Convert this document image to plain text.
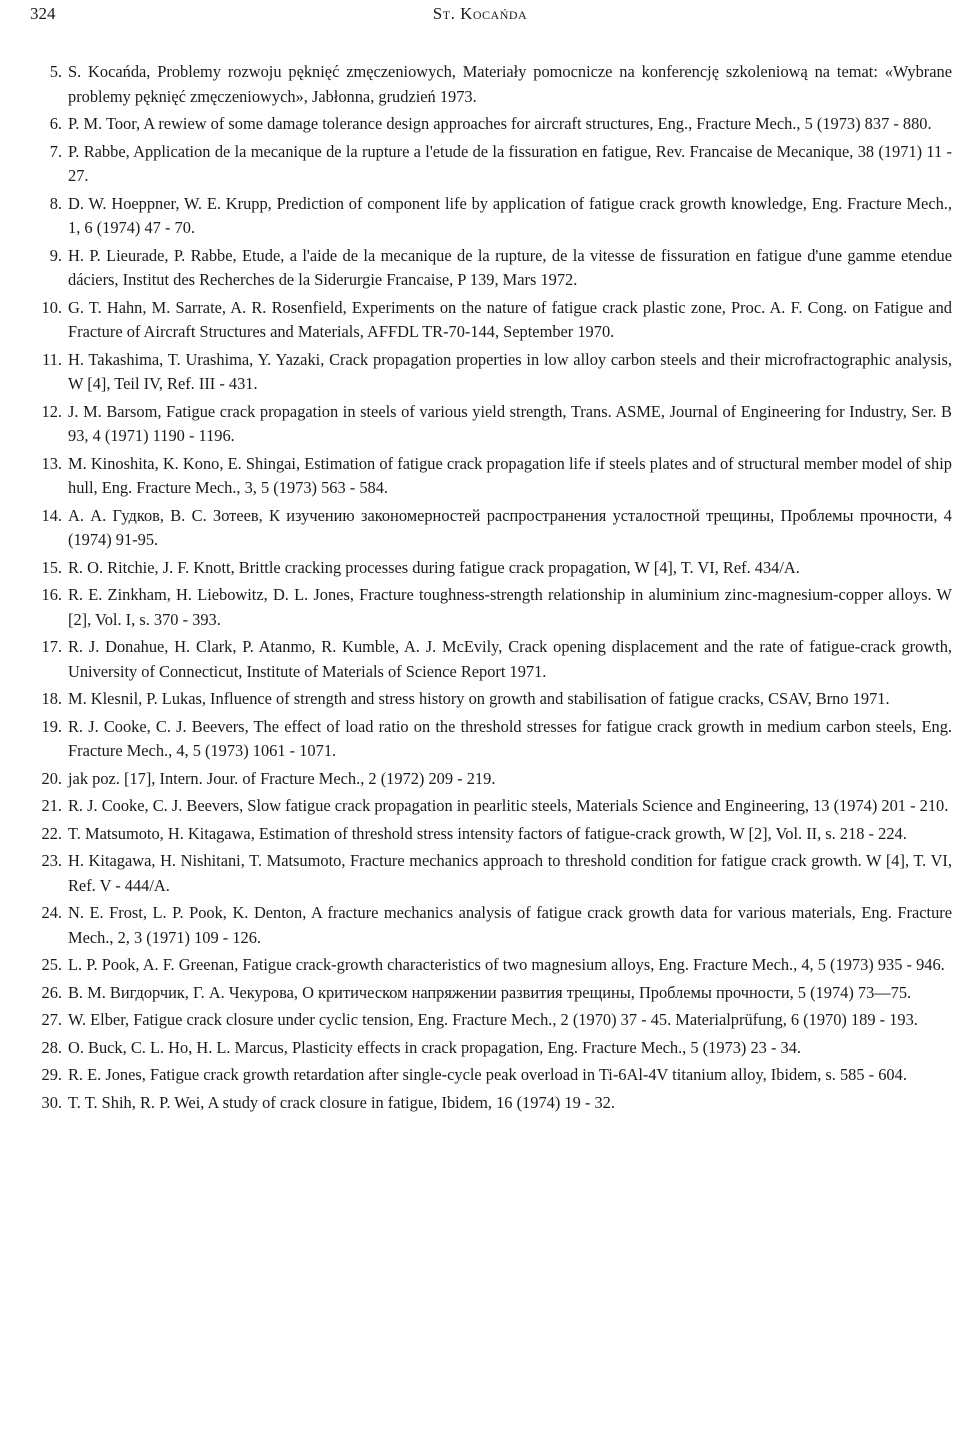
324	St. Kocańda
5. S. Kocańda, Problemy rozwoju pęknięć zmęczeniowych, Materiały pomocnicze na konferencję szkoleniową na temat: «Wybrane problemy pęknięć zmęczeniowych», Jabłonna, grudzień 1973.
6. P. M. Toor, A rewiew of some damage tolerance design approaches for aircraft structures, Eng., Fracture Mech., 5 (1973) 837 - 880.
7. P. Rabbe, Application de la mecanique de la rupture a l'etude de la fissuration en fatigue, Rev. Francaise de Mecanique, 38 (1971) 11 - 27.
8. D. W. Hoeppner, W. E. Krupp, Prediction of component life by application of fatigue crack growth knowledge, Eng. Fracture Mech., 1, 6 (1974) 47 - 70.
9. H. P. Lieurade, P. Rabbe, Etude, a l'aide de la mecanique de la rupture, de la vitesse de fissuration en fatigue d'une gamme etendue dáciers, Institut des Recherches de la Siderurgie Francaise, P 139, Mars 1972.
10. G. T. Hahn, M. Sarrate, A. R. Rosenfield, Experiments on the nature of fatigue crack plastic zone, Proc. A. F. Cong. on Fatigue and Fracture of Aircraft Structures and Materials, AFFDL TR-70-144, September 1970.
11. H. Takashima, T. Urashima, Y. Yazaki, Crack propagation properties in low alloy carbon steels and their microfractographic analysis, W [4], Teil IV, Ref. III - 431.
12. J. M. Barsom, Fatigue crack propagation in steels of various yield strength, Trans. ASME, Journal of Engineering for Industry, Ser. B 93, 4 (1971) 1190 - 1196.
13. M. Kinoshita, K. Kono, E. Shingai, Estimation of fatigue crack propagation life if steels plates and of structural member model of ship hull, Eng. Fracture Mech., 3, 5 (1973) 563 - 584.
14. А. А. Гудков, В. С. Зотеев, К изучению закономерностей распространения усталостной трещины, Проблемы прочности, 4 (1974) 91-95.
15. R. O. Ritchie, J. F. Knott, Brittle cracking processes during fatigue crack propagation, W [4], T. VI, Ref. 434/A.
16. R. E. Zinkham, H. Liebowitz, D. L. Jones, Fracture toughness-strength relationship in aluminium zinc-magnesium-copper alloys. W [2], Vol. I, s. 370 - 393.
17. R. J. Donahue, H. Clark, P. Atanmo, R. Kumble, A. J. McEvily, Crack opening displacement and the rate of fatigue-crack growth, University of Connecticut, Institute of Materials of Science Report 1971.
18. M. Klesnil, P. Lukas, Influence of strength and stress history on growth and stabilisation of fatigue cracks, CSAV, Brno 1971.
19. R. J. Cooke, C. J. Beevers, The effect of load ratio on the threshold stresses for fatigue crack growth in medium carbon steels, Eng. Fracture Mech., 4, 5 (1973) 1061 - 1071.
20. jak poz. [17], Intern. Jour. of Fracture Mech., 2 (1972) 209 - 219.
21. R. J. Cooke, C. J. Beevers, Slow fatigue crack propagation in pearlitic steels, Materials Science and Engineering, 13 (1974) 201 - 210.
22. T. Matsumoto, H. Kitagawa, Estimation of threshold stress intensity factors of fatigue-crack growth, W [2], Vol. II, s. 218 - 224.
23. H. Kitagawa, H. Nishitani, T. Matsumoto, Fracture mechanics approach to threshold condition for fatigue crack growth. W [4], T. VI, Ref. V - 444/A.
24. N. E. Frost, L. P. Pook, K. Denton, A fracture mechanics analysis of fatigue crack growth data for various materials, Eng. Fracture Mech., 2, 3 (1971) 109 - 126.
25. L. P. Pook, A. F. Greenan, Fatigue crack-growth characteristics of two magnesium alloys, Eng. Fracture Mech., 4, 5 (1973) 935 - 946.
26. В. М. Вигдорчик, Г. А. Чекурова, О критическом напряжении развития трещины, Проблемы прочности, 5 (1974) 73—75.
27. W. Elber, Fatigue crack closure under cyclic tension, Eng. Fracture Mech., 2 (1970) 37 - 45. Materialprüfung, 6 (1970) 189 - 193.
28. O. Buck, C. L. Ho, H. L. Marcus, Plasticity effects in crack propagation, Eng. Fracture Mech., 5 (1973) 23 - 34.
29. R. E. Jones, Fatigue crack growth retardation after single-cycle peak overload in Ti-6Al-4V titanium alloy, Ibidem, s. 585 - 604.
30. T. T. Shih, R. P. Wei, A study of crack closure in fatigue, Ibidem, 16 (1974) 19 - 32.
